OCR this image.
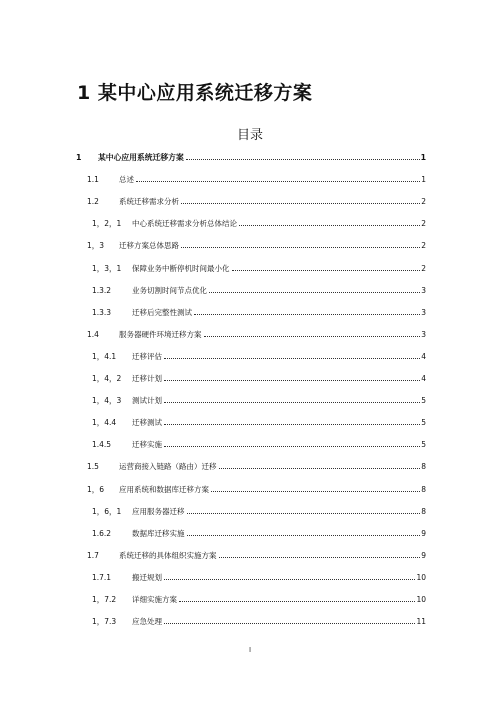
1 某中心应用系统迁移方案
目录
1	某中心应用系统迁移方案	1
1.1	总述	1
1.2	系统迁移需求分析	2
1，2，1	中心系统迁移需求分析总体结论	2
1，3	迁移方案总体思路	2
1，3，1	保障业务中断停机时间最小化	2
1.3.2	业务切割时间节点优化	3
1.3.3	迁移后完整性测试	3
1.4	服务器硬件环境迁移方案	3
1，4.1	迁移评估	4
1，4，2	迁移计划	4
1，4，3	测试计划	5
1，4.4	迁移测试	5
1.4.5	迁移实施	5
1.5	运营商接入链路（路由）迁移	8
1，6	应用系统和数据库迁移方案	8
1，6，1	应用服务器迁移	8
1.6.2	数据库迁移实施	9
1.7	系统迁移的具体组织实施方案	9
1.7.1	搬迁规划	10
1，7.2	详细实施方案	10
1，7.3	应急处理	11
I
